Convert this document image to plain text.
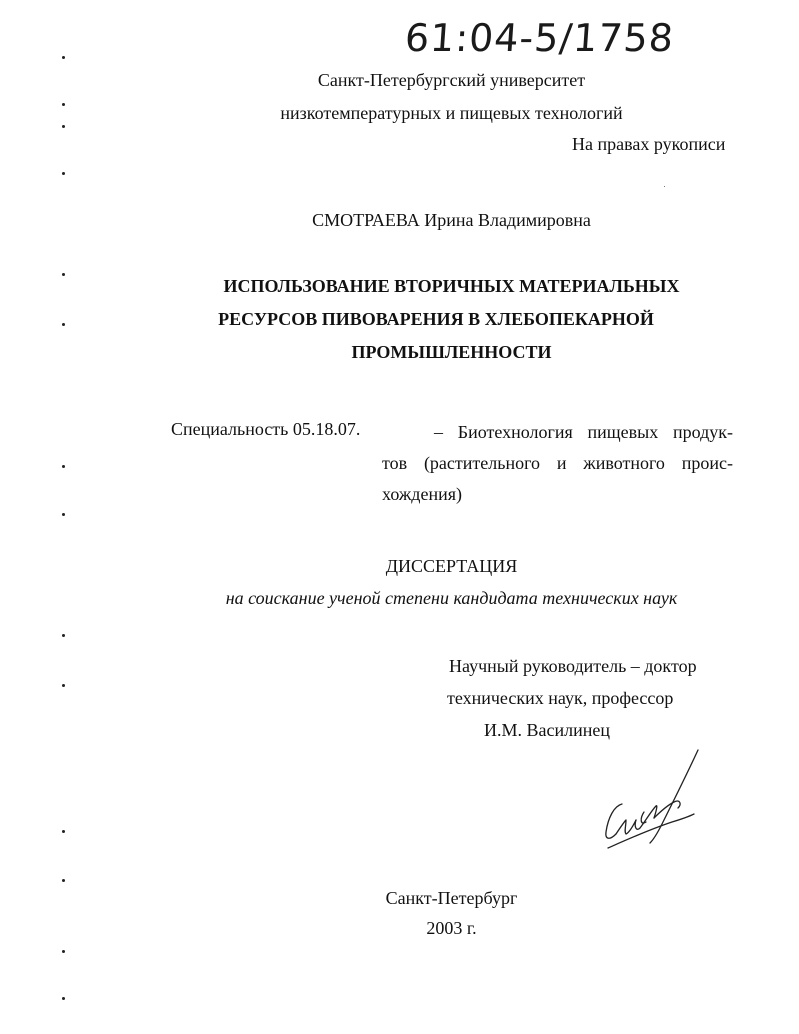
61:04-5/1758
Санкт-Петербургский университет
низкотемпературных и пищевых технологий
На правах рукописи
СМОТРАЕВА Ирина Владимировна
ИСПОЛЬЗОВАНИЕ ВТОРИЧНЫХ МАТЕРИАЛЬНЫХ
РЕСУРСОВ ПИВОВАРЕНИЯ В ХЛЕБОПЕКАРНОЙ
ПРОМЫШЛЕННОСТИ
Специальность 05.18.07.	– Биотехнология пищевых продук-
тов (растительного и животного проис-
хождения)
ДИССЕРТАЦИЯ
на соискание ученой степени кандидата технических наук
Научный руководитель – доктор
технических наук, профессор
И.М. Василинец
Санкт-Петербург
2003 г.
